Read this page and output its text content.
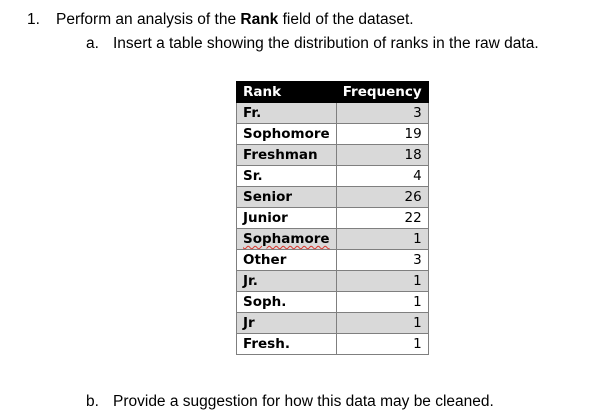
1. Perform an analysis of the Rank field of the dataset.
a. Insert a table showing the distribution of ranks in the raw data.
Rank	Frequency
Fr.	3
Sophomore	19
Freshman	18
Sr.	4
Senior	26
Junior	22
Sophamore	1
Other	3
Jr.	1
Soph.	1
Jr	1
Fresh.	1
b. Provide a suggestion for how this data may be cleaned.
